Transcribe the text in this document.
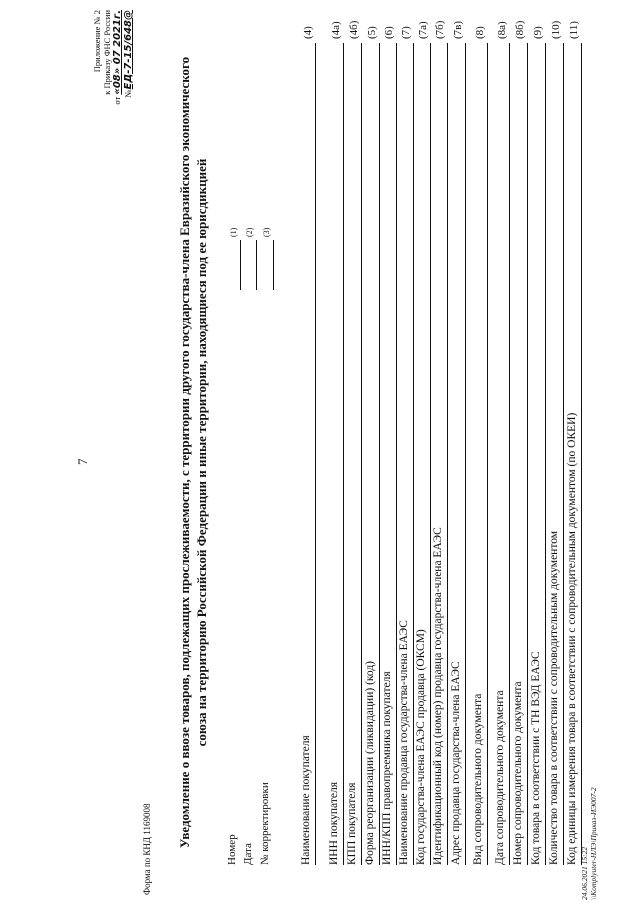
7
Приложение № 2 к Приказу ФНС России
от «08» 07 2021г. №ЕД-7-15/648@
Форма по КНД 1169008
Уведомление о ввозе товаров, подлежащих прослеживаемости, с территории другого государства-члена Евразийского экономического союза на территорию Российской Федерации и иные территории, находящиеся под ее юрисдикцией
Номер
(1)
Дата
(2)
№ корректировки
(3)
Наименование покупателя
(4)
ИНН покупателя
(4а)
КПП покупателя
(4б)
Форма реорганизации (ликвидации) (код)
(5)
ИНН/КПП правопреемника покупателя
(6)
Наименование продавца государства-члена ЕАЭС
(7)
Код государства-члена ЕАЭС продавца (ОКСМ)
(7а)
Идентификационный код (номер) продавца государства-члена ЕАЭС
(7б)
Адрес продавца государства-члена ЕАЭС
(7в)
Вид сопроводительного документа
(8)
Дата сопроводительного документа
(8а)
Номер сопроводительного документа
(8б)
Код товара в соответствии с ТН ВЭД ЕАЭС
(9)
Количество товара в соответствии с сопроводительным документом
(10)
Код единицы измерения товара в соответствии с сопроводительным документом (по ОКЕИ)
(11)
24.06.2021 15:22 \\Komplyuter-НЛЭ\Приказ-ИЭ007-2
